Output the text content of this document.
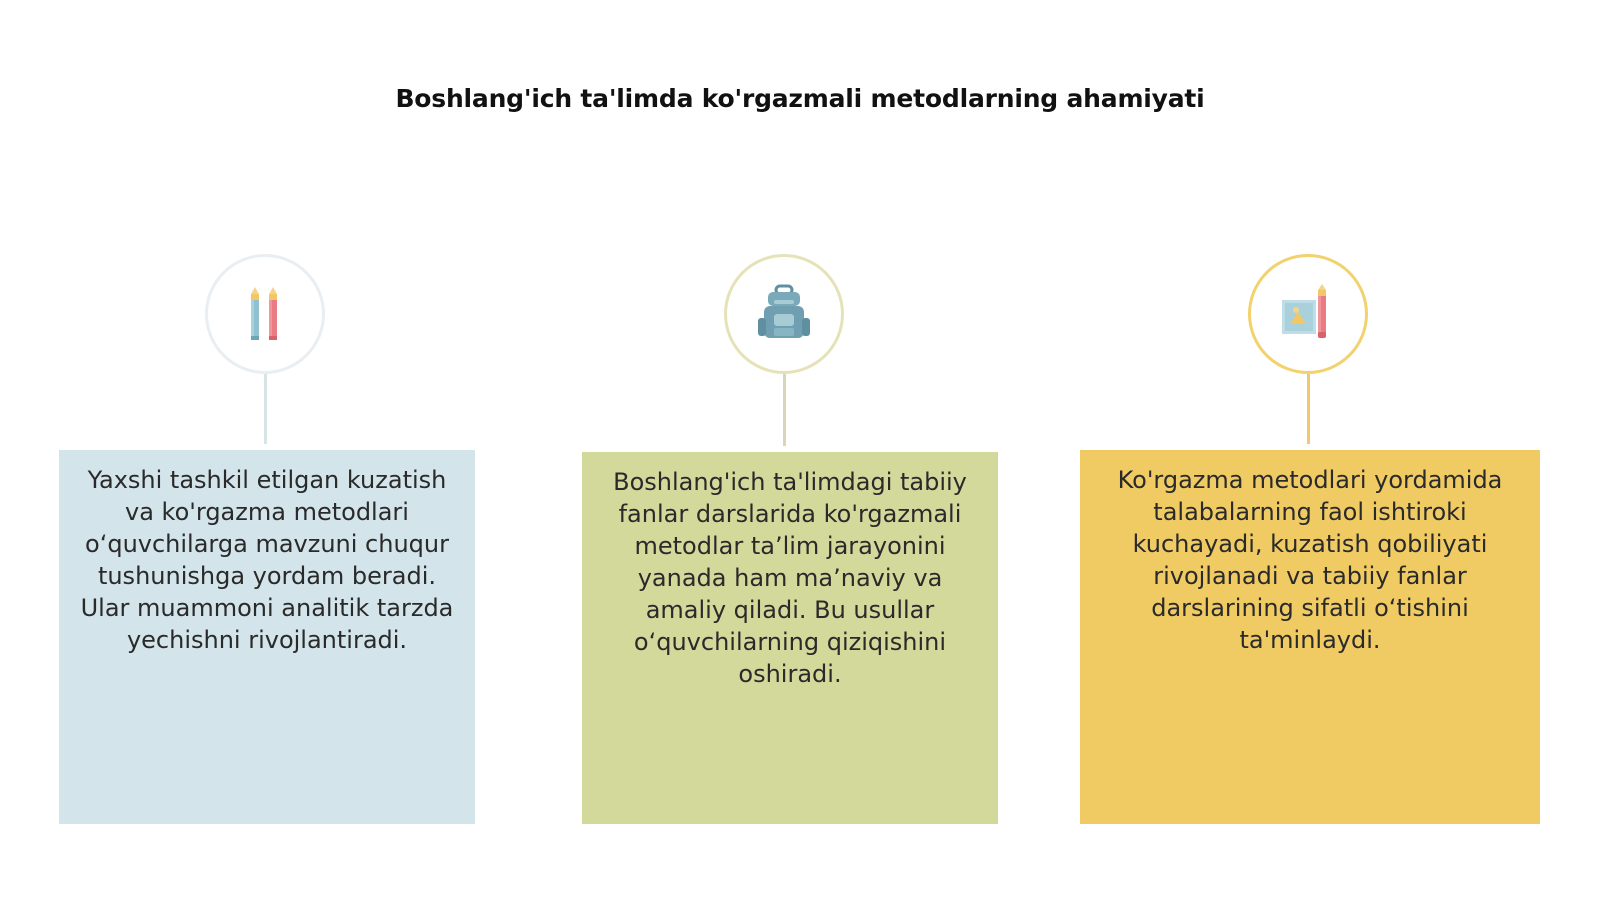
Boshlang'ich ta'limda ko'rgazmali metodlarning ahamiyati
Yaxshi tashkil etilgan kuzatish va ko'rgazma metodlari o‘quvchilarga mavzuni chuqur tushunishga yordam beradi. Ular muammoni analitik tarzda yechishni rivojlantiradi.
Boshlang'ich ta'limdagi tabiiy fanlar darslarida ko'rgazmali metodlar ta’lim jarayonini yanada ham ma’naviy va amaliy qiladi. Bu usullar o‘quvchilarning qiziqishini oshiradi.
Ko'rgazma metodlari yordamida talabalarning faol ishtiroki kuchayadi, kuzatish qobiliyati rivojlanadi va tabiiy fanlar darslarining sifatli o‘tishini ta'minlaydi.
